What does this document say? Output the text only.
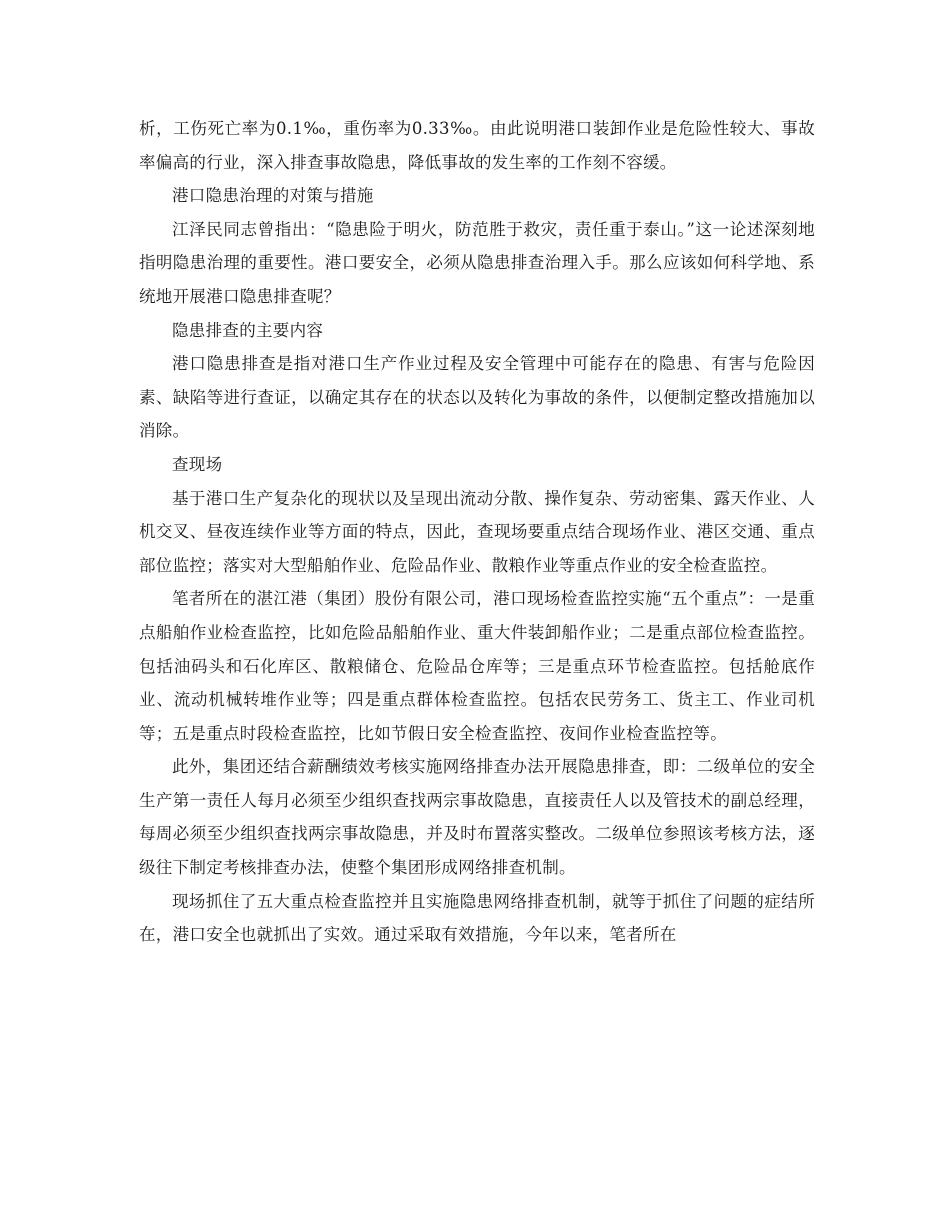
析，工伤死亡率为0.1‰，重伤率为0.33‰。由此说明港口装卸作业是危险性较大、事故率偏高的行业，深入排查事故隐患，降低事故的发生率的工作刻不容缓。

港口隐患治理的对策与措施

江泽民同志曾指出：“隐患险于明火，防范胜于救灾，责任重于泰山。”这一论述深刻地指明隐患治理的重要性。港口要安全，必须从隐患排查治理入手。那么应该如何科学地、系统地开展港口隐患排查呢？

隐患排查的主要内容

港口隐患排查是指对港口生产作业过程及安全管理中可能存在的隐患、有害与危险因素、缺陷等进行查证，以确定其存在的状态以及转化为事故的条件，以便制定整改措施加以消除。

查现场

基于港口生产复杂化的现状以及呈现出流动分散、操作复杂、劳动密集、露天作业、人机交叉、昼夜连续作业等方面的特点，因此，查现场要重点结合现场作业、港区交通、重点部位监控；落实对大型船舶作业、危险品作业、散粮作业等重点作业的安全检查监控。

笔者所在的湛江港（集团）股份有限公司，港口现场检查监控实施“五个重点”：一是重点船舶作业检查监控，比如危险品船舶作业、重大件装卸船作业；二是重点部位检查监控。包括油码头和石化库区、散粮储仓、危险品仓库等；三是重点环节检查监控。包括舱底作业、流动机械转堆作业等；四是重点群体检查监控。包括农民劳务工、货主工、作业司机等；五是重点时段检查监控，比如节假日安全检查监控、夜间作业检查监控等。

此外，集团还结合薪酬绩效考核实施网络排查办法开展隐患排查，即：二级单位的安全生产第一责任人每月必须至少组织查找两宗事故隐患，直接责任人以及管技术的副总经理，每周必须至少组织查找两宗事故隐患，并及时布置落实整改。二级单位参照该考核方法，逐级往下制定考核排查办法，使整个集团形成网络排查机制。

现场抓住了五大重点检查监控并且实施隐患网络排查机制，就等于抓住了问题的症结所在，港口安全也就抓出了实效。通过采取有效措施，今年以来，笔者所在
